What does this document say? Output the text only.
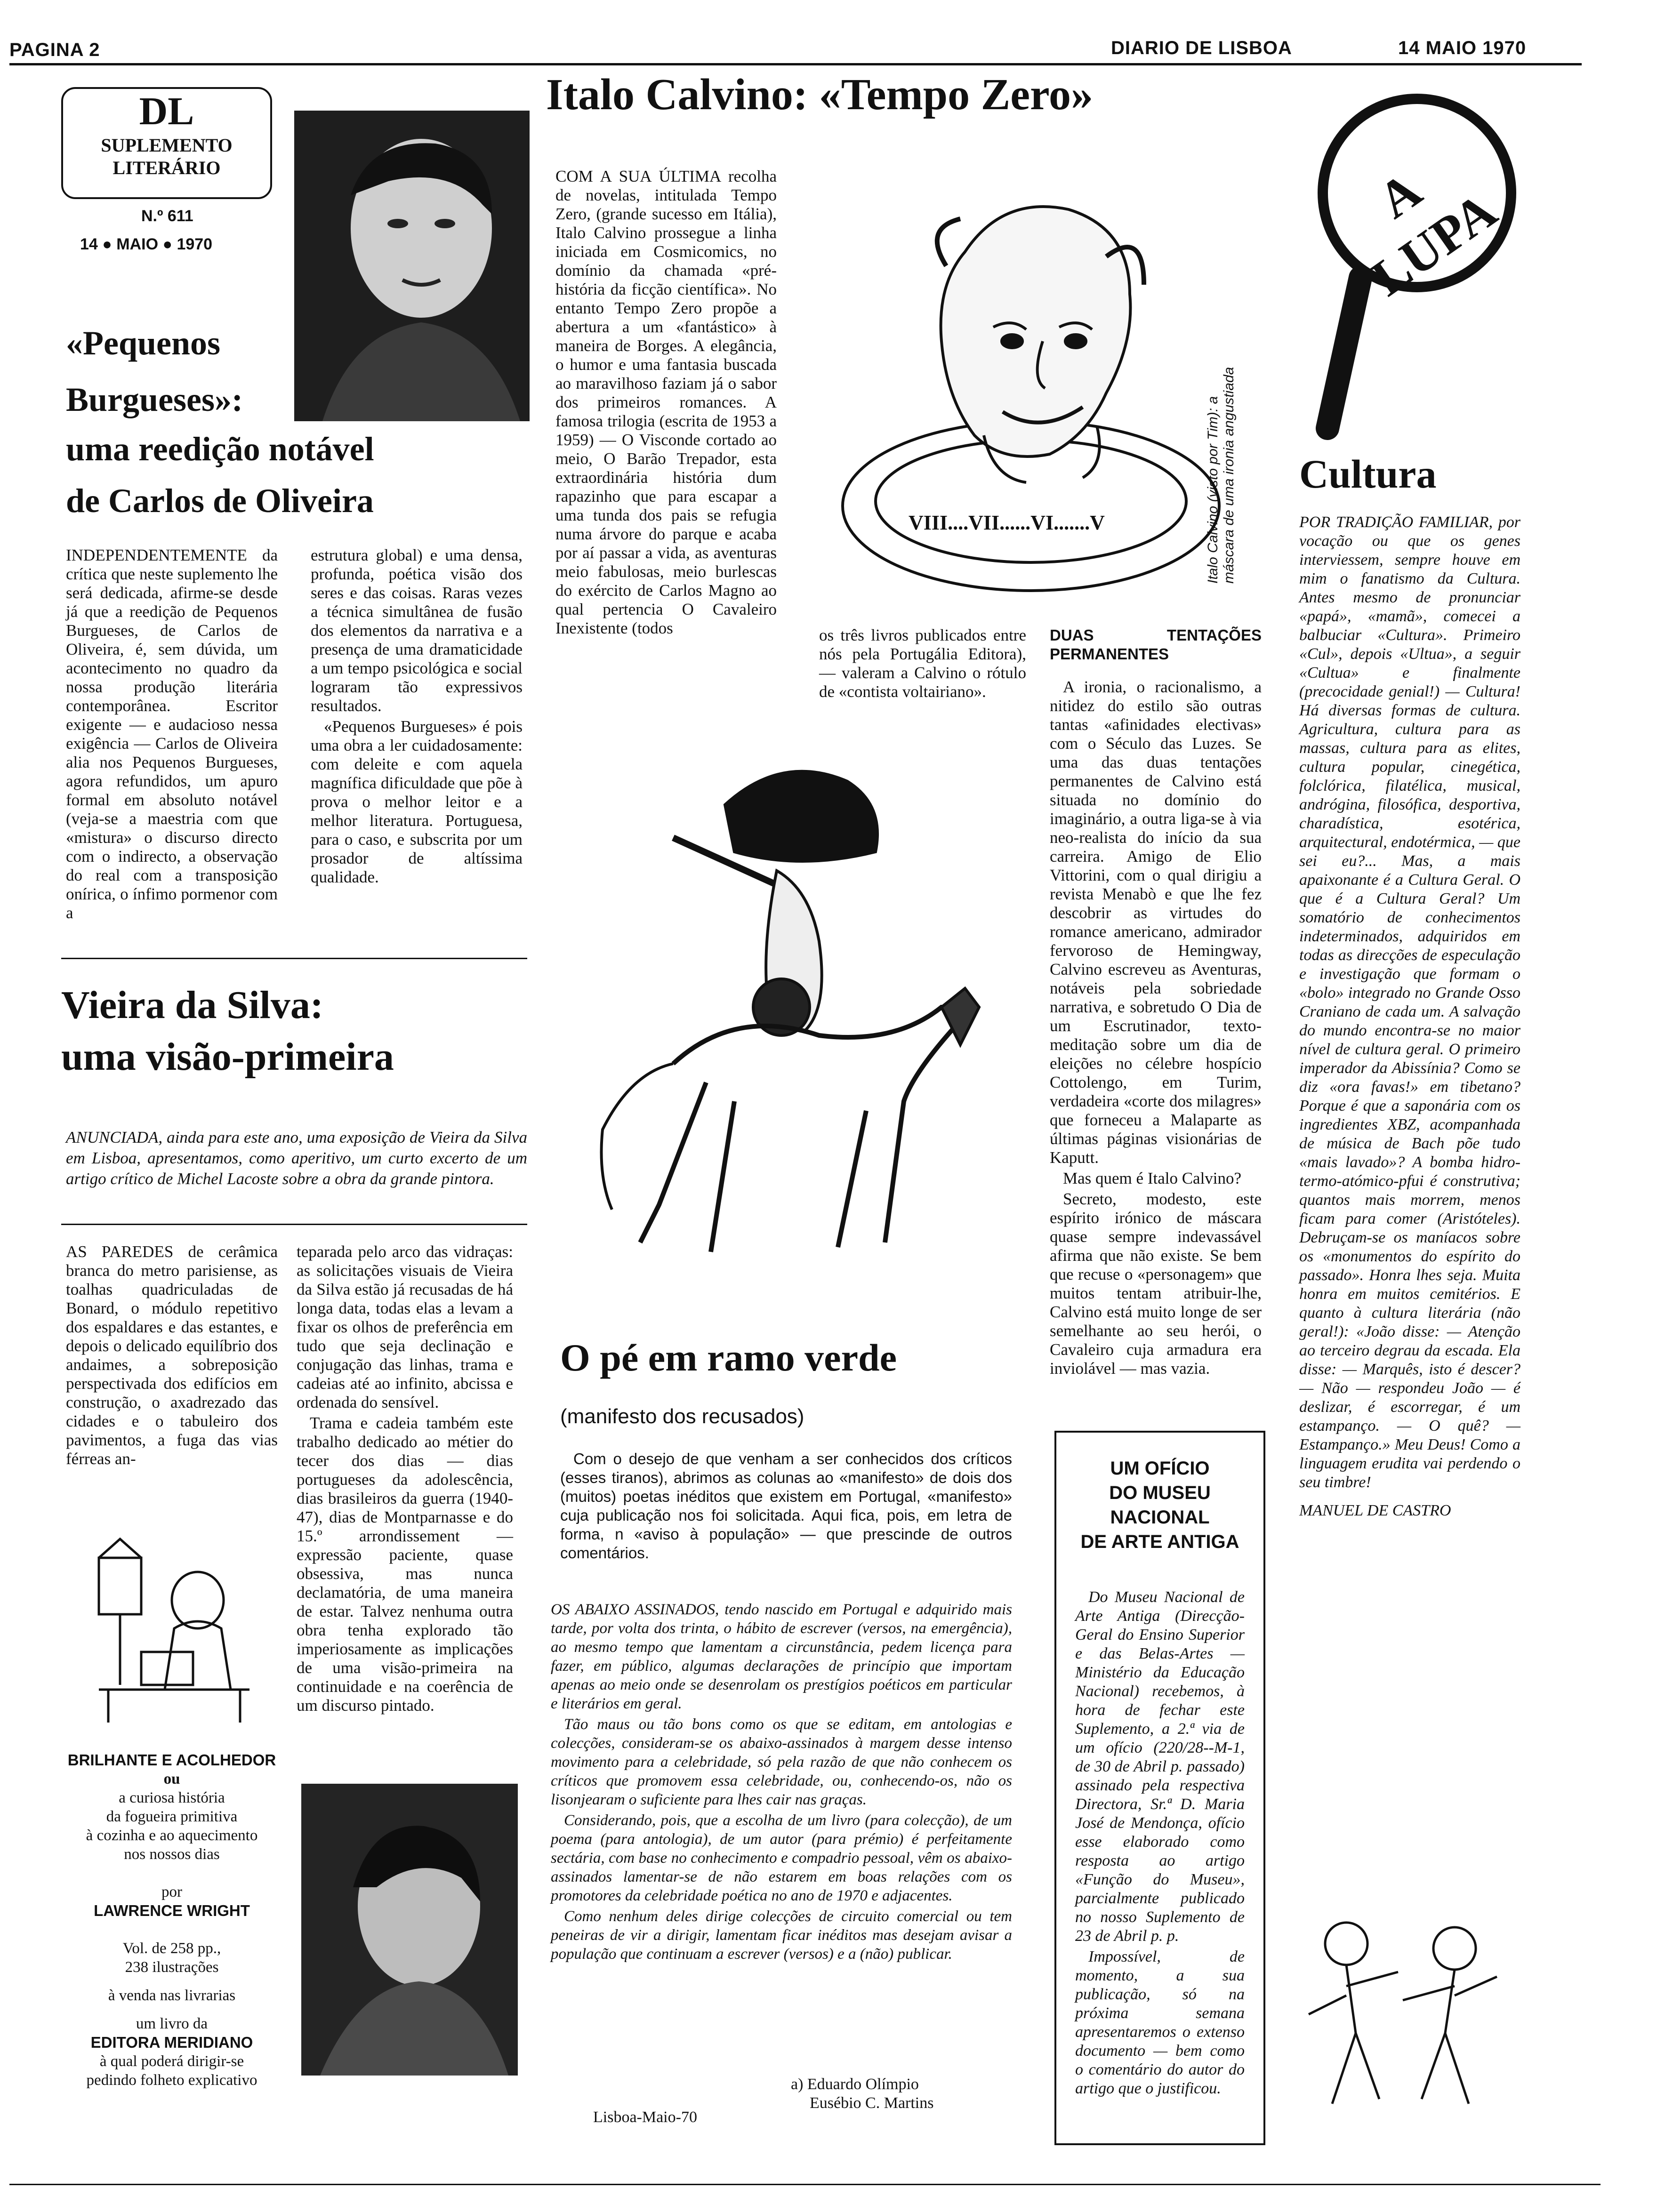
PAGINA 2	DIARIO DE LISBOA	14 MAIO 1970
DL
SUPLEMENTO
LITERÁRIO
N.º 611
14 ● MAIO ● 1970
«Pequenos
Burgueses»:
uma reedição notável
de Carlos de Oliveira

INDEPENDENTEMENTE da crítica que neste suplemento lhe será dedicada, afirme-se desde já que a reedição de Pequenos Burgueses, de Carlos de Oliveira, é, sem dúvida, um acontecimento no quadro da nossa produção literária contemporânea. Escritor exigente — e audacioso nessa exigência — Carlos de Oliveira alia nos Pequenos Burgueses, agora refundidos, um apuro formal em absoluto notável (veja-se a maestria com que «mistura» o discurso directo com o indirecto, a observação do real com a transposição onírica, o ínfimo pormenor com a

estrutura global) e uma densa, profunda, poética visão dos seres e das coisas. Raras vezes a técnica simultânea de fusão dos elementos da narrativa e a presença de uma dramaticidade a um tempo psicológica e social lograram tão expressivos resultados.

«Pequenos Burgueses» é pois uma obra a ler cuidadosamente: com deleite e com aquela magnífica dificuldade que põe à prova o melhor leitor e a melhor literatura. Portuguesa, para o caso, e subscrita por um prosador de altíssima qualidade.

Vieira da Silva:
uma visão-primeira
ANUNCIADA, ainda para este ano, uma exposição de Vieira da Silva em Lisboa, apresentamos, como aperitivo, um curto excerto de um artigo crítico de Michel Lacoste sobre a obra da grande pintora.

AS PAREDES de cerâmica branca do metro parisiense, as toalhas quadriculadas de Bonard, o módulo repetitivo dos espaldares e das estantes, e depois o delicado equilíbrio dos andaimes, a sobreposição perspectivada dos edifícios em construção, o axadrezado das cidades e o tabuleiro dos pavimentos, a fuga das vias férreas an-

teparada pelo arco das vidraças: as solicitações visuais de Vieira da Silva estão já recusadas de há longa data, todas elas a levam a fixar os olhos de preferência em tudo que seja declinação e conjugação das linhas, trama e cadeias até ao infinito, abcissa e ordenada do sensível.

Trama e cadeia também este trabalho dedicado ao métier do tecer dos dias — dias portugueses da adolescência, dias brasileiros da guerra (1940-47), dias de Montparnasse e do 15.º arrondissement — expressão paciente, quase obsessiva, mas nunca declamatória, de uma maneira de estar. Talvez nenhuma outra obra tenha explorado tão imperiosamente as implicações de uma visão-primeira na continuidade e na coerência de um discurso pintado.

BRILHANTE E ACOLHEDOR
ou
a curiosa história
da fogueira primitiva
à cozinha e ao aquecimento
nos nossos dias
por
LAWRENCE WRIGHT
Vol. de 258 pp.,
238 ilustrações
à venda nas livrarias
um livro da
EDITORA MERIDIANO
à qual poderá dirigir-se
pedindo folheto explicativo
Italo Calvino: «Tempo Zero»

COM A SUA ÚLTIMA recolha de novelas, intitulada Tempo Zero, (grande sucesso em Itália), Italo Calvino prossegue a linha iniciada em Cosmicomics, no domínio da chamada «pré-história da ficção científica». No entanto Tempo Zero propõe a abertura a um «fantástico» à maneira de Borges. A elegância, o humor e uma fantasia buscada ao maravilhoso faziam já o sabor dos primeiros romances. A famosa trilogia (escrita de 1953 a 1959) — O Visconde cortado ao meio, O Barão Trepador, esta extraordinária história dum rapazinho que para escapar a uma tunda dos pais se refugia numa árvore do parque e acaba por aí passar a vida, as aventuras meio fabulosas, meio burlescas do exército de Carlos Magno ao qual pertencia O Cavaleiro Inexistente (todos

VIII....VII......VI.......V	Italo Calvino (visto por Tim): a máscara de uma ironia angustiada

os três livros publicados entre nós pela Portugália Editora), — valeram a Calvino o rótulo de «contista voltairiano».

DUAS TENTAÇÕES PERMANENTES

A ironia, o racionalismo, a nitidez do estilo são outras tantas «afinidades electivas» com o Século das Luzes. Se uma das duas tentações permanentes de Calvino está situada no domínio do imaginário, a outra liga-se à via neo-realista do início da sua carreira. Amigo de Elio Vittorini, com o qual dirigiu a revista Menabò e que lhe fez descobrir as virtudes do romance americano, admirador fervoroso de Hemingway, Calvino escreveu as Aventuras, notáveis pela sobriedade narrativa, e sobretudo O Dia de um Escrutinador, texto-meditação sobre um dia de eleições no célebre hospício Cottolengo, em Turim, verdadeira «corte dos milagres» que forneceu a Malaparte as últimas páginas visionárias de Kaputt.

Mas quem é Italo Calvino?

Secreto, modesto, este espírito irónico de máscara quase sempre indevassável afirma que não existe. Se bem que recuse o «personagem» que muitos tentam atribuir-lhe, Calvino está muito longe de ser semelhante ao seu herói, o Cavaleiro cuja armadura era inviolável — mas vazia.

O pé em ramo verde
(manifesto dos recusados)

Com o desejo de que venham a ser conhecidos dos críticos (esses tiranos), abrimos as colunas ao «manifesto» de dois dos (muitos) poetas inéditos que existem em Portugal, «manifesto» cuja publicação nos foi solicitada. Aqui fica, pois, em letra de forma, n «aviso à população» — que prescinde de outros comentários.

OS ABAIXO ASSINADOS, tendo nascido em Portugal e adquirido mais tarde, por volta dos trinta, o hábito de escrever (versos, na emergência), ao mesmo tempo que lamentam a circunstância, pedem licença para fazer, em público, algumas declarações de princípio que importam apenas ao meio onde se desenrolam os prestígios poéticos em particular e literários em geral.

Tão maus ou tão bons como os que se editam, em antologias e colecções, consideram-se os abaixo-assinados à margem desse intenso movimento para a celebridade, só pela razão de que não conhecem os críticos que promovem essa celebridade, ou, conhecendo-os, não os lisonjearam o suficiente para lhes cair nas graças.

Considerando, pois, que a escolha de um livro (para colecção), de um poema (para antologia), de um autor (para prémio) é perfeitamente sectária, com base no conhecimento e compadrio pessoal, vêm os abaixo-assinados lamentar-se de não estarem em boas relações com os promotores da celebridade poética no ano de 1970 e adjacentes.

Como nenhum deles dirige colecções de circuito comercial ou tem peneiras de vir a dirigir, lamentam ficar inéditos mas desejam avisar a população que continuam a escrever (versos) e a (não) publicar.

a) Eduardo Olímpio
Eusébio C. Martins
Lisboa-Maio-70
UM OFÍCIO
DO MUSEU
NACIONAL
DE ARTE ANTIGA

Do Museu Nacional de Arte Antiga (Direcção-Geral do Ensino Superior e das Belas-Artes — Ministério da Educação Nacional) recebemos, à hora de fechar este Suplemento, a 2.ª via de um ofício (220/28--M-1, de 30 de Abril p. passado) assinado pela respectiva Directora, Sr.ª D. Maria José de Mendonça, ofício esse elaborado como resposta ao artigo «Função do Museu», parcialmente publicado no nosso Suplemento de 23 de Abril p. p.

Impossível, de momento, a sua publicação, só na próxima semana apresentaremos o extenso documento — bem como o comentário do autor do artigo que o justificou.

A LUPA
Cultura

POR TRADIÇÃO FAMILIAR, por vocação ou que os genes interviessem, sempre houve em mim o fanatismo da Cultura. Antes mesmo de pronunciar «papá», «mamã», comecei a balbuciar «Cultura». Primeiro «Cul», depois «Ultua», a seguir «Cultua» e finalmente (precocidade genial!) — Cultura! Há diversas formas de cultura. Agricultura, cultura para as massas, cultura para as elites, cultura popular, cinegética, folclórica, filatélica, musical, andrógina, filosófica, desportiva, charadística, esotérica, arquitectural, endotérmica, — que sei eu?... Mas, a mais apaixonante é a Cultura Geral. O que é a Cultura Geral? Um somatório de conhecimentos indeterminados, adquiridos em todas as direcções de especulação e investigação que formam o «bolo» integrado no Grande Osso Craniano de cada um. A salvação do mundo encontra-se no maior nível de cultura geral. O primeiro imperador da Abissínia? Como se diz «ora favas!» em tibetano? Porque é que a saponária com os ingredientes XBZ, acompanhada de música de Bach põe tudo «mais lavado»? A bomba hidro-termo-atómico-pfui é construtiva; quantos mais morrem, menos ficam para comer (Aristóteles). Debruçam-se os maníacos sobre os «monumentos do espírito do passado». Honra lhes seja. Muita honra em muitos cemitérios. E quanto à cultura literária (não geral!): «João disse: — Atenção ao terceiro degrau da escada. Ela disse: — Marquês, isto é descer? — Não — respondeu João — é deslizar, é escorregar, é um estampanço. — O quê? — Estampanço.» Meu Deus! Como a linguagem erudita vai perdendo o seu timbre!

MANUEL DE CASTRO
